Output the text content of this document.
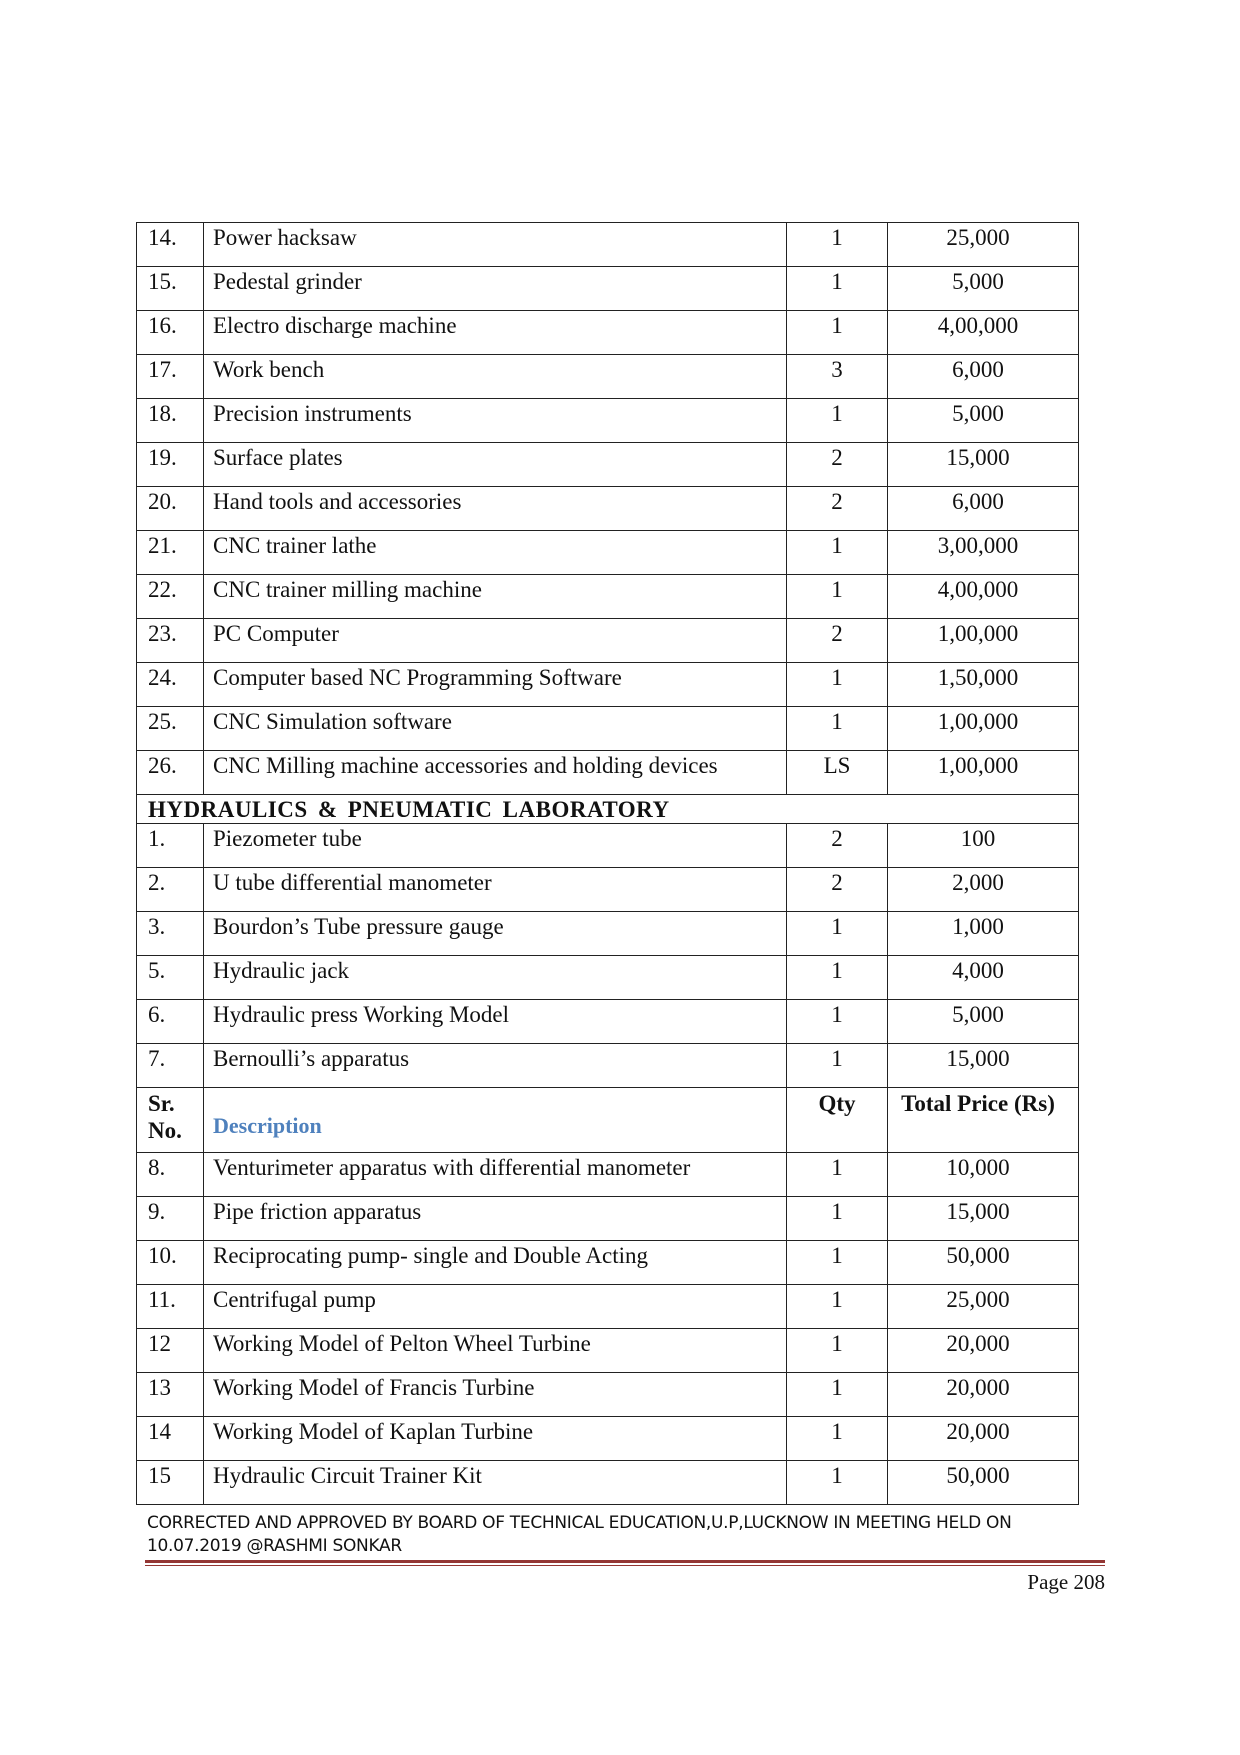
14.	Power hacksaw	1	25,000
15.	Pedestal grinder	1	5,000
16.	Electro discharge machine	1	4,00,000
17.	Work bench	3	6,000
18.	Precision instruments	1	5,000
19.	Surface plates	2	15,000
20.	Hand tools and accessories	2	6,000
21.	CNC trainer lathe	1	3,00,000
22.	CNC trainer milling machine	1	4,00,000
23.	PC Computer	2	1,00,000
24.	Computer based NC Programming Software	1	1,50,000
25.	CNC Simulation software	1	1,00,000
26.	CNC Milling machine accessories and holding devices	LS	1,00,000
HYDRAULICS & PNEUMATIC LABORATORY			
1.	Piezometer tube	2	100
2.	U tube differential manometer	2	2,000
3.	Bourdon’s Tube pressure gauge	1	1,000
5.	Hydraulic jack	1	4,000
6.	Hydraulic press Working Model	1	5,000
7.	Bernoulli’s apparatus	1	15,000
Sr. No.	Description	Qty	Total Price (Rs)
8.	Venturimeter apparatus with differential manometer	1	10,000
9.	Pipe friction apparatus	1	15,000
10.	Reciprocating pump- single and Double Acting	1	50,000
11.	Centrifugal pump	1	25,000
12	Working Model of Pelton Wheel Turbine	1	20,000
13	Working Model of Francis Turbine	1	20,000
14	Working Model of Kaplan Turbine	1	20,000
15	Hydraulic Circuit Trainer Kit	1	50,000
CORRECTED AND APPROVED BY BOARD OF TECHNICAL EDUCATION,U.P,LUCKNOW IN MEETING HELD ON 10.07.2019 @RASHMI SONKAR
Page 208
